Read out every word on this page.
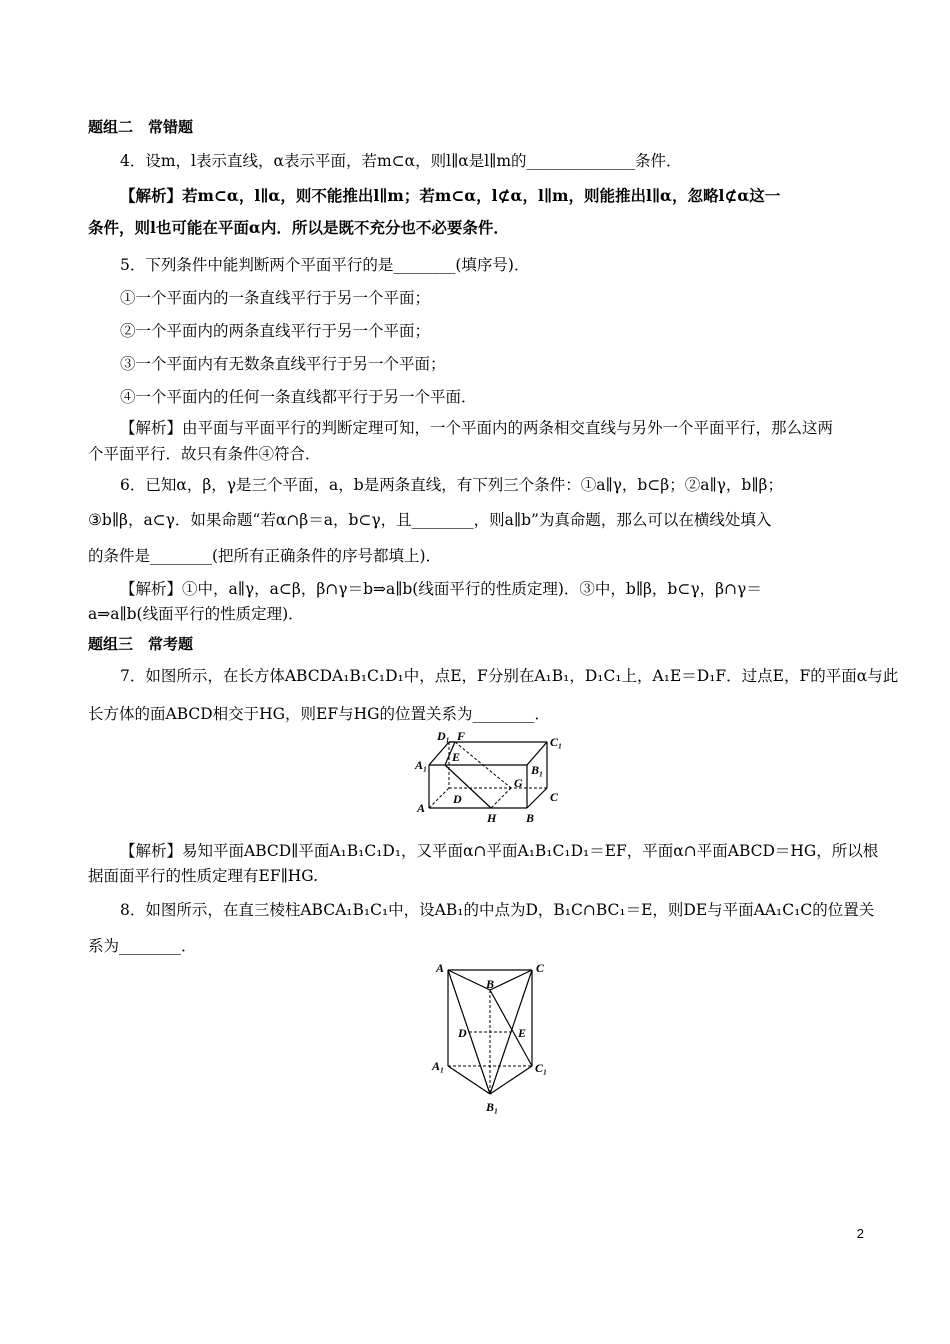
题组二　常错题
4．设m，l表示直线，α表示平面，若m⊂α，则l∥α是l∥m的______________条件．
【解析】若m⊂α，l∥α，则不能推出l∥m；若m⊂α，l⊄α，l∥m，则能推出l∥α，忽略l⊄α这一
条件，则l也可能在平面α内．所以是既不充分也不必要条件．
5．下列条件中能判断两个平面平行的是________(填序号)．
①一个平面内的一条直线平行于另一个平面；
②一个平面内的两条直线平行于另一个平面；
③一个平面内有无数条直线平行于另一个平面；
④一个平面内的任何一条直线都平行于另一个平面．
【解析】由平面与平面平行的判断定理可知，一个平面内的两条相交直线与另外一个平面平行，那么这两
个平面平行．故只有条件④符合．
6．已知α，β，γ是三个平面，a，b是两条直线，有下列三个条件：①a∥γ，b⊂β；②a∥γ，b∥β；
③b∥β，a⊂γ．如果命题“若α∩β＝a，b⊂γ，且________，则a∥b”为真命题，那么可以在横线处填入
的条件是________(把所有正确条件的序号都填上)．
【解析】①中，a∥γ，a⊂β，β∩γ＝b⇒a∥b(线面平行的性质定理)．③中，b∥β，b⊂γ，β∩γ＝
a⇒a∥b(线面平行的性质定理)．
题组三　常考题
7．如图所示，在长方体ABCDA₁B₁C₁D₁中，点E，F分别在A₁B₁，D₁C₁上，A₁E＝D₁F．过点E，F的平面α与此
长方体的面ABCD相交于HG，则EF与HG的位置关系为________．
D₁ F	C₁
A₁
E
B₁
G
D	C
A
H B
【解析】易知平面ABCD∥平面A₁B₁C₁D₁，又平面α∩平面A₁B₁C₁D₁＝EF，平面α∩平面ABCD＝HG，所以根
据面面平行的性质定理有EF∥HG.
8．如图所示，在直三棱柱ABCA₁B₁C₁中，设AB₁的中点为D，B₁C∩BC₁＝E，则DE与平面AA₁C₁C的位置关
系为________．
A	C
B
D	E
A₁	C₁
B₁
2
